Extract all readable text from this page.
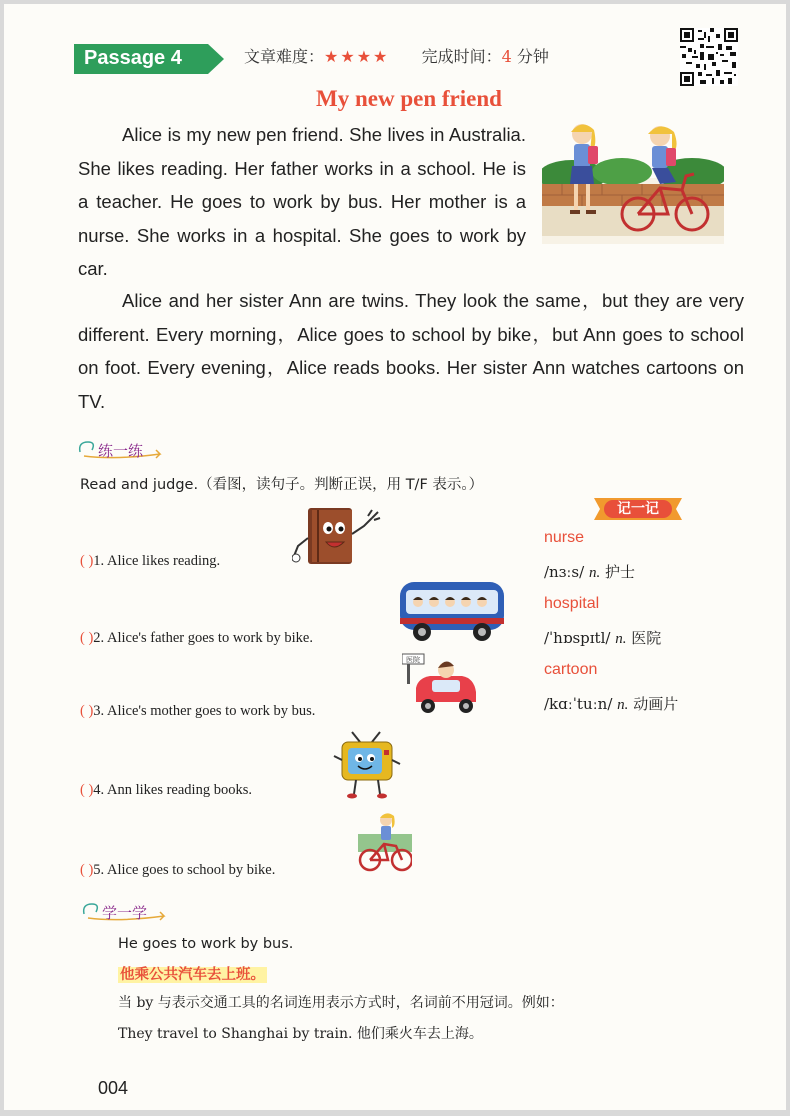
Passage 4	文章难度：★★★★ 完成时间：4 分钟
My new pen friend

Alice is my new pen friend. She lives in Australia. She likes reading. Her father works in a school. He is a teacher. He goes to work by bus. Her mother is a nurse. She works in a hospital. She goes to work by car.

Alice and her sister Ann are twins. They look the same，but they are very different. Every morning，Alice goes to school by bike，but Ann goes to school on foot. Every evening，Alice reads books. Her sister Ann watches cartoons on TV.

练一练
Read and judge.（看图，读句子。判断正误，用 T/F 表示。）
( )1. Alice likes reading.
( )2. Alice's father goes to work by bike.
( )3. Alice's mother goes to work by bus.
( )4. Ann likes reading books.
( )5. Alice goes to school by bike.
医院
记一记
nurse
/nɜːs/ n. 护士
hospital
/ˈhɒspɪtl/ n. 医院
cartoon
/kɑːˈtuːn/ n. 动画片
学一学
He goes to work by bus.
他乘公共汽车去上班。
当 by 与表示交通工具的名词连用表示方式时，名词前不用冠词。例如：
They travel to Shanghai by train. 他们乘火车去上海。
004
